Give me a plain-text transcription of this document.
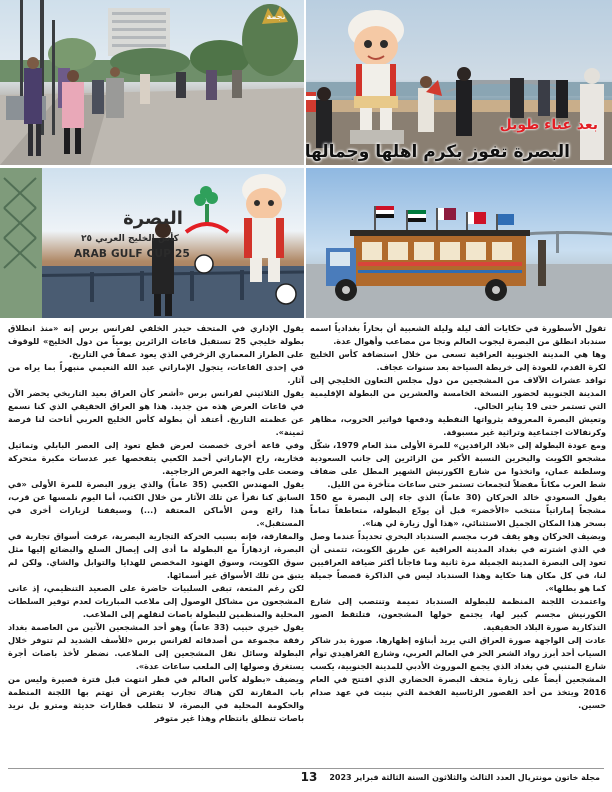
نجمة
بعد عناء طويل
البصرة تفوز بكرم اهلها وجمالها
البصرة
كأس الخليج العربي ٢٥
ARAB GULF CUP 25

تقول الأسطورة في حكايات ألف ليلة وليلة الشعبية أن بحاراً بغدادياً اسمه سندباد انطلق من البصرة ليجوب العالم ونجا من مصاعب وأهوال عدة.

وها هي المدينة الجنوبية العراقية تسعى من خلال استضافة كأس الخليج لكرة القدم، للعودة إلى خريطة السياحة بعد سنوات عجاف.

توافد عشرات الآلاف من المشجعين من دول مجلس التعاون الخليجي إلى المدينة الجنوبية لحضور النسخة الخامسة والعشرين من البطولة الإقليمية التي تستمر حتى 19 يناير الحالي.

وتعيش البصرة المعروفة بثرواتها النفطية ودفعها فواتير الحروب، مظاهر وكرنفالات اجتماعية وتراثية غير مسبوقة.

ومع عودة البطولة إلى «بلاد الرافدين» للمرة الأولى منذ العام 1979، شكّل مشجعو الكويت والبحرين النسبة الأكبر من الزائرين إلى جانب السعودية وسلطنة عمان، واتخذوا من شارع الكورنيش الشهير المطل على ضفاف شط العرب مكاناً مفضلاً لتجمعات تستمر حتى ساعات متأخرة من الليل.

يقول السعودي خالد الحركان (30 عاماً) الذي جاء إلى البصرة مع 150 مشجعاً إماراتياً منتخب «الأخضر» قبل أن يودّع البطولة، متعاطفاً تماماً بسحر هذا المكان الجميل الاستثنائي، «هذا أول زيارة لي هنا».

ويضيف الحركان وهو يقف قرب مجسم السندباد البحري تحديداً عندما وصل في الذي اشترته في بغداد المدينة العراقية عن طريق الكويت، تتمنى أن تعود إلى البصرة المدينة الجميلة مرة ثانية وما فاجأنا أكثر ضيافة العراقيين لنا، في كل مكان هنا حكاية وهذا السندباد ليس في الذاكرة قصصاً جميلة كما هو بطلها».

واعتمدت اللجنة المنظمة للبطولة السندباد تميمة وتنتصب إلى شارع الكورنيش مجسم كبير لها، يجتمع حولها المشجعون، فتلتقط الصور التذكارية صورة البلاد الحقيقية.

عادت إلى الواجهة صورة العراق التي يريد أبناؤه إظهارها. صورة بدر شاكر السياب أحد أبرز رواد الشعر الحر في العالم العربي، وشارع الفراهيدي توأم شارع المتنبي في بغداد الذي يجمع الموروث الأدبي للمدينة الجنوبية، يكسب المشجعين أيضاً على زيارة متحف البصرة الحضاري الذي افتتح في العام 2016 ويتخذ من أحد القصور الرئاسية الفخمة التي بنيت في عهد صدام حسين.

يقول الإداري في المتحف حيدر الخلفي لفرانس برس إنه «منذ انطلاق بطولة خليجي 25 تستقبل قاعات الزائرين يومياً من دول الخليج» للوقوف على الطراز المعماري الزخرفي الذي يعود عمقاً في التاريخ.

في إحدى القاعات، يتجول الإماراتي عبد الله النعيمي منبهراً بما يراه من آثار.

يقول الثلاثيني لفرانس برس «أشعر كأن العراق بعيد التاريخي يحضر الآن في قاعات العرض هذه من جديد. هذا هو العراق الحقيقي الذي كنا نسمع عن عظمته التاريخ. أعتقد أن بطولة كأس الخليج العربي أتاحت لنا فرصة ثمينة».

وفي قاعة أخرى خصصت لعرض قطع تعود إلى العصر البابلي وتماثيل فخارية، راح الإماراتي أحمد الكعبي يتفحصها عبر عدسات مكبرة متحركة وضعت على واجهة العرض الزجاجية.

يقول المهندس الكعبي (35 عاماً) والذي يزور البصرة للمرة الأولى «في السابق كنا نقرأ عن تلك الآثار من خلال الكتب، أما اليوم نلمسها عن قرب، هذا رائع ومن الأماكن المعتقة (...) وسيفقنا لزيارات أخرى في المستقبل».

والمفارقة، فإنه بسبب الحركة التجارية البصرية، عرفت أسواق تجارية في البصرة، ازدهاراً مع البطولة ما أدى إلى إيصال السلع والبضائع إليها مثل سوق الكويت، وسوق الهنود المخصص للهدايا والتوابل والشاي. ولكن لم يتبق من تلك الأسواق غير أسمائها.

لكن رغم المتعة، تبقى السلبيات حاضرة على الصعيد التنظيمي، إذ عانى المشجعون من مشاكل الوصول إلى ملاعب المباريات لعدم توفير السلطات المحلية والمنظمين للبطولة باصات لنقلهم إلى الملاعب.

يقول خيري حبيب (33 عاماً) وهو أحد المشجعين الآتين من العاصمة بغداد رفقة مجموعة من أصدقائه لفرانس برس «للأسف الشديد لم تتوفر خلال البطولة وسائل نقل المشجعين إلى الملاعب. نضطر لأخذ باصات أجرة يستغرق وصولها إلى الملعب ساعات عدة».

ويضيف «بطولة كأس العالم في قطر انتهت قبل فترة قصيرة وليس من باب المقارنة لكن هناك تجارب يفترض أن تهتم بها اللجنة المنظمة والحكومة المحلية في البصرة، لا تتطلب قطارات حديثة ومترو بل نريد باصات تنطلق بانتظام وهذا غير متوفر

مجلة خاتون مونتريال العدد الثالث والثلاثون السنة الثالثة فبراير 2023
13
